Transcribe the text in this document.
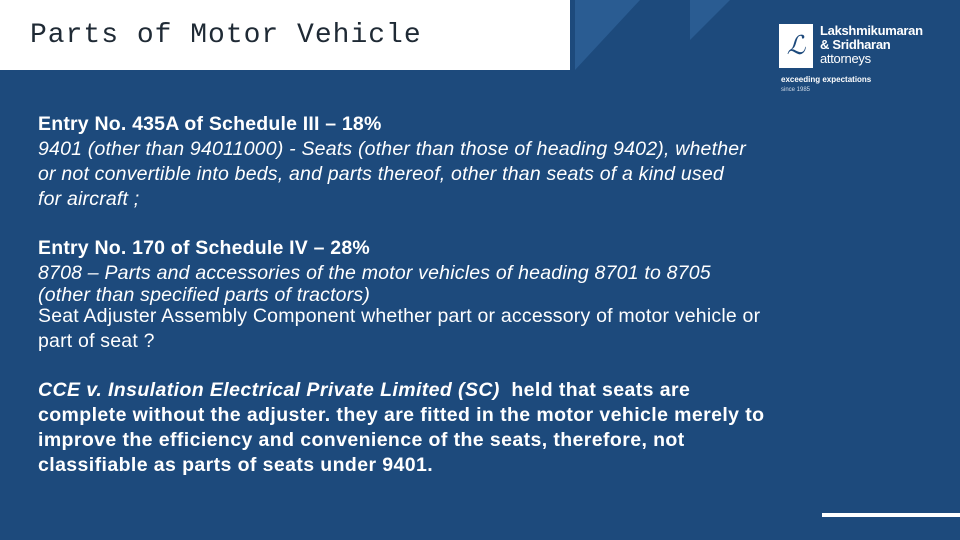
Parts of Motor Vehicle	ℒ
Lakshmikumaran
& Sridharan
attorneys
exceeding expectations
since 1985
Entry No. 435A of Schedule III – 18%
9401 (other than 94011000) - Seats (other than those of heading 9402), whether
or not convertible into beds, and parts thereof, other than seats of a kind used
for aircraft ;
Entry No. 170 of Schedule IV – 28%
8708 – Parts and accessories of the motor vehicles of heading 8701 to 8705
(other than specified parts of tractors)
Seat Adjuster Assembly Component whether part or accessory of motor vehicle or
part of seat ?
CCE v. Insulation Electrical Private Limited (SC)  held that seats are
complete without the adjuster. they are fitted in the motor vehicle merely to
improve the efficiency and convenience of the seats, therefore, not
classifiable as parts of seats under 9401.
